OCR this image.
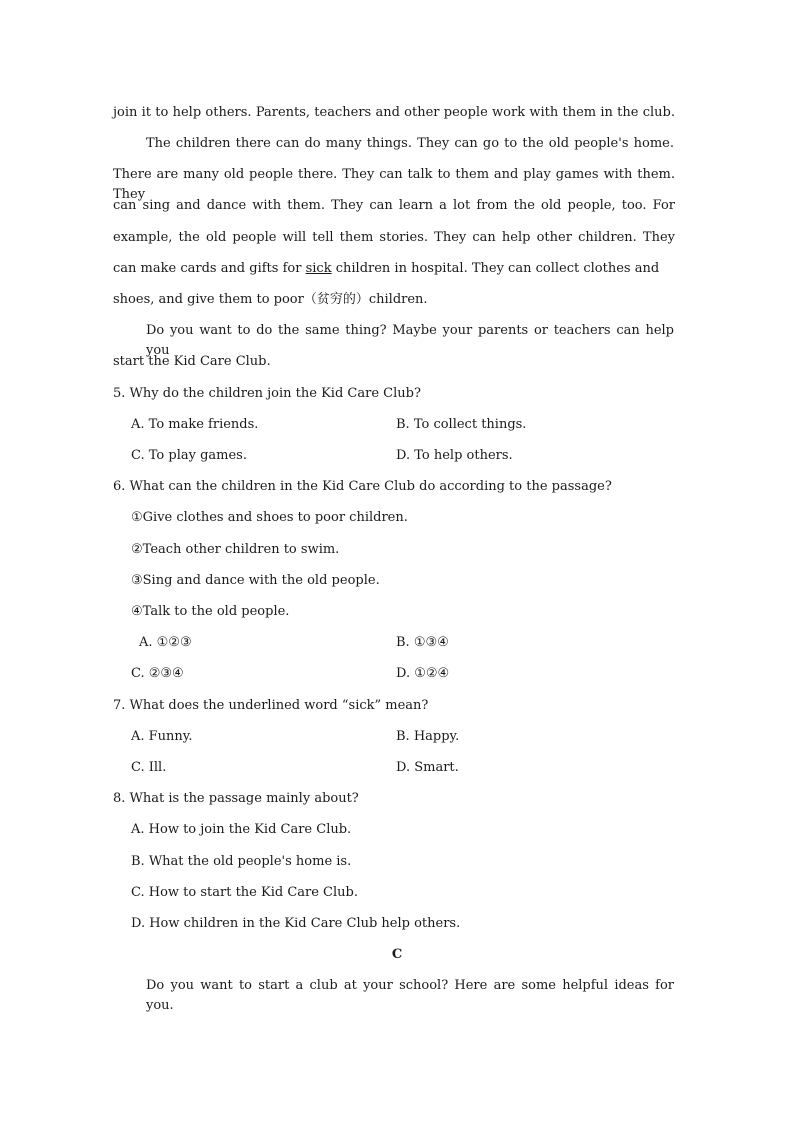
join it to help others. Parents, teachers and other people work with them in the club.
The children there can do many things. They can go to the old people's home.
There are many old people there. They can talk to them and play games with them. They
can sing and dance with them. They can learn a lot from the old people, too. For
example, the old people will tell them stories. They can help other children. They
can make cards and gifts for sick children in hospital. They can collect clothes and
shoes, and give them to poor（贫穷的）children.
Do you want to do the same thing? Maybe your parents or teachers can help you
start the Kid Care Club.
5. Why do the children join the Kid Care Club?
A. To make friends.	B. To collect things.
C. To play games.	D. To help others.
6. What can the children in the Kid Care Club do according to the passage?
①Give clothes and shoes to poor children.
②Teach other children to swim.
③Sing and dance with the old people.
④Talk to the old people.
A. ①②③	B. ①③④
C. ②③④	D. ①②④
7. What does the underlined word “sick” mean?
A. Funny.	B. Happy.
C. Ill.	D. Smart.
8. What is the passage mainly about?
A. How to join the Kid Care Club.
B. What the old people's home is.
C. How to start the Kid Care Club.
D. How children in the Kid Care Club help others.
C
Do you want to start a club at your school? Here are some helpful ideas for you.
